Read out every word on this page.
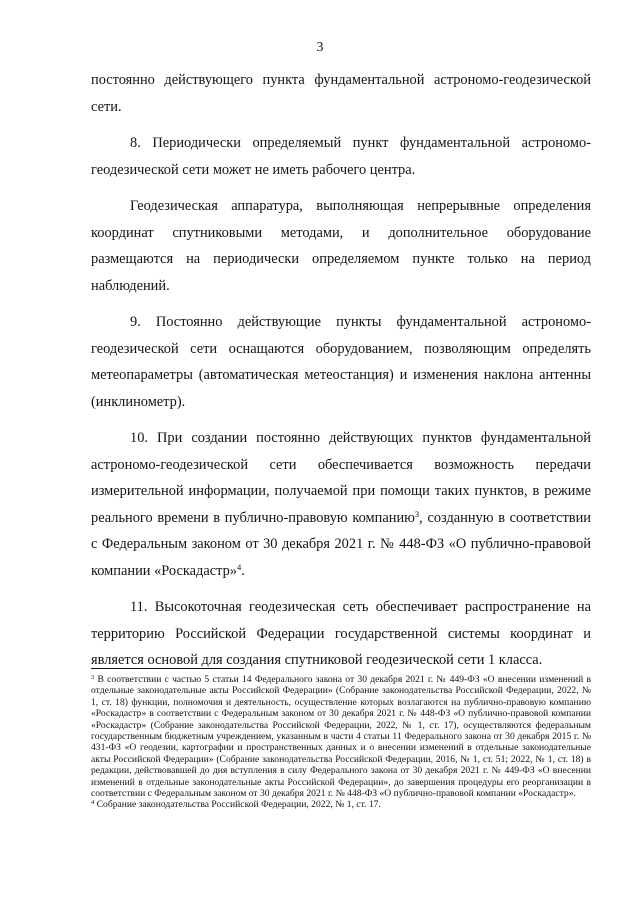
3

постоянно действующего пункта фундаментальной астрономо-геодезической сети.

8. Периодически определяемый пункт фундаментальной астрономо-геодезической сети может не иметь рабочего центра.

Геодезическая аппаратура, выполняющая непрерывные определения координат спутниковыми методами, и дополнительное оборудование размещаются на периодически определяемом пункте только на период наблюдений.

9. Постоянно действующие пункты фундаментальной астрономо-геодезической сети оснащаются оборудованием, позволяющим определять метеопараметры (автоматическая метеостанция) и изменения наклона антенны (инклинометр).

10. При создании постоянно действующих пунктов фундаментальной астрономо-геодезической сети обеспечивается возможность передачи измерительной информации, получаемой при помощи таких пунктов, в режиме реального времени в публично-правовую компанию$^3$, созданную в соответствии с Федеральным законом от 30 декабря 2021 г. № 448-ФЗ «О публично-правовой компании «Роскадастр»$^4$.

11. Высокоточная геодезическая сеть обеспечивает распространение на территорию Российской Федерации государственной системы координат и является основой для создания спутниковой геодезической сети 1 класса.

$^3$ В соответствии с частью 5 статьи 14 Федерального закона от 30 декабря 2021 г. № 449-ФЗ «О внесении изменений в отдельные законодательные акты Российской Федерации» (Собрание законодательства Российской Федерации, 2022, № 1, ст. 18) функции, полномочия и деятельность, осуществление которых возлагаются на публично-правовую компанию «Роскадастр» в соответствии с Федеральным законом от 30 декабря 2021 г. № 448-ФЗ «О публично-правовой компании «Роскадастр» (Собрание законодательства Российской Федерации, 2022, № 1, ст. 17), осуществляются федеральным государственным бюджетным учреждением, указанным в части 4 статьи 11 Федерального закона от 30 декабря 2015 г. № 431-ФЗ «О геодезии, картографии и пространственных данных и о внесении изменений в отдельные законодательные акты Российской Федерации» (Собрание законодательства Российской Федерации, 2016, № 1, ст. 51; 2022, № 1, ст. 18) в редакции, действовавшей до дня вступления в силу Федерального закона от 30 декабря 2021 г. № 449-ФЗ «О внесении изменений в отдельные законодательные акты Российской Федерации», до завершения процедуры его реорганизации в соответствии с Федеральным законом от 30 декабря 2021 г. № 448-ФЗ «О публично-правовой компании «Роскадастр».

$^4$ Собрание законодательства Российской Федерации, 2022, № 1, ст. 17.
